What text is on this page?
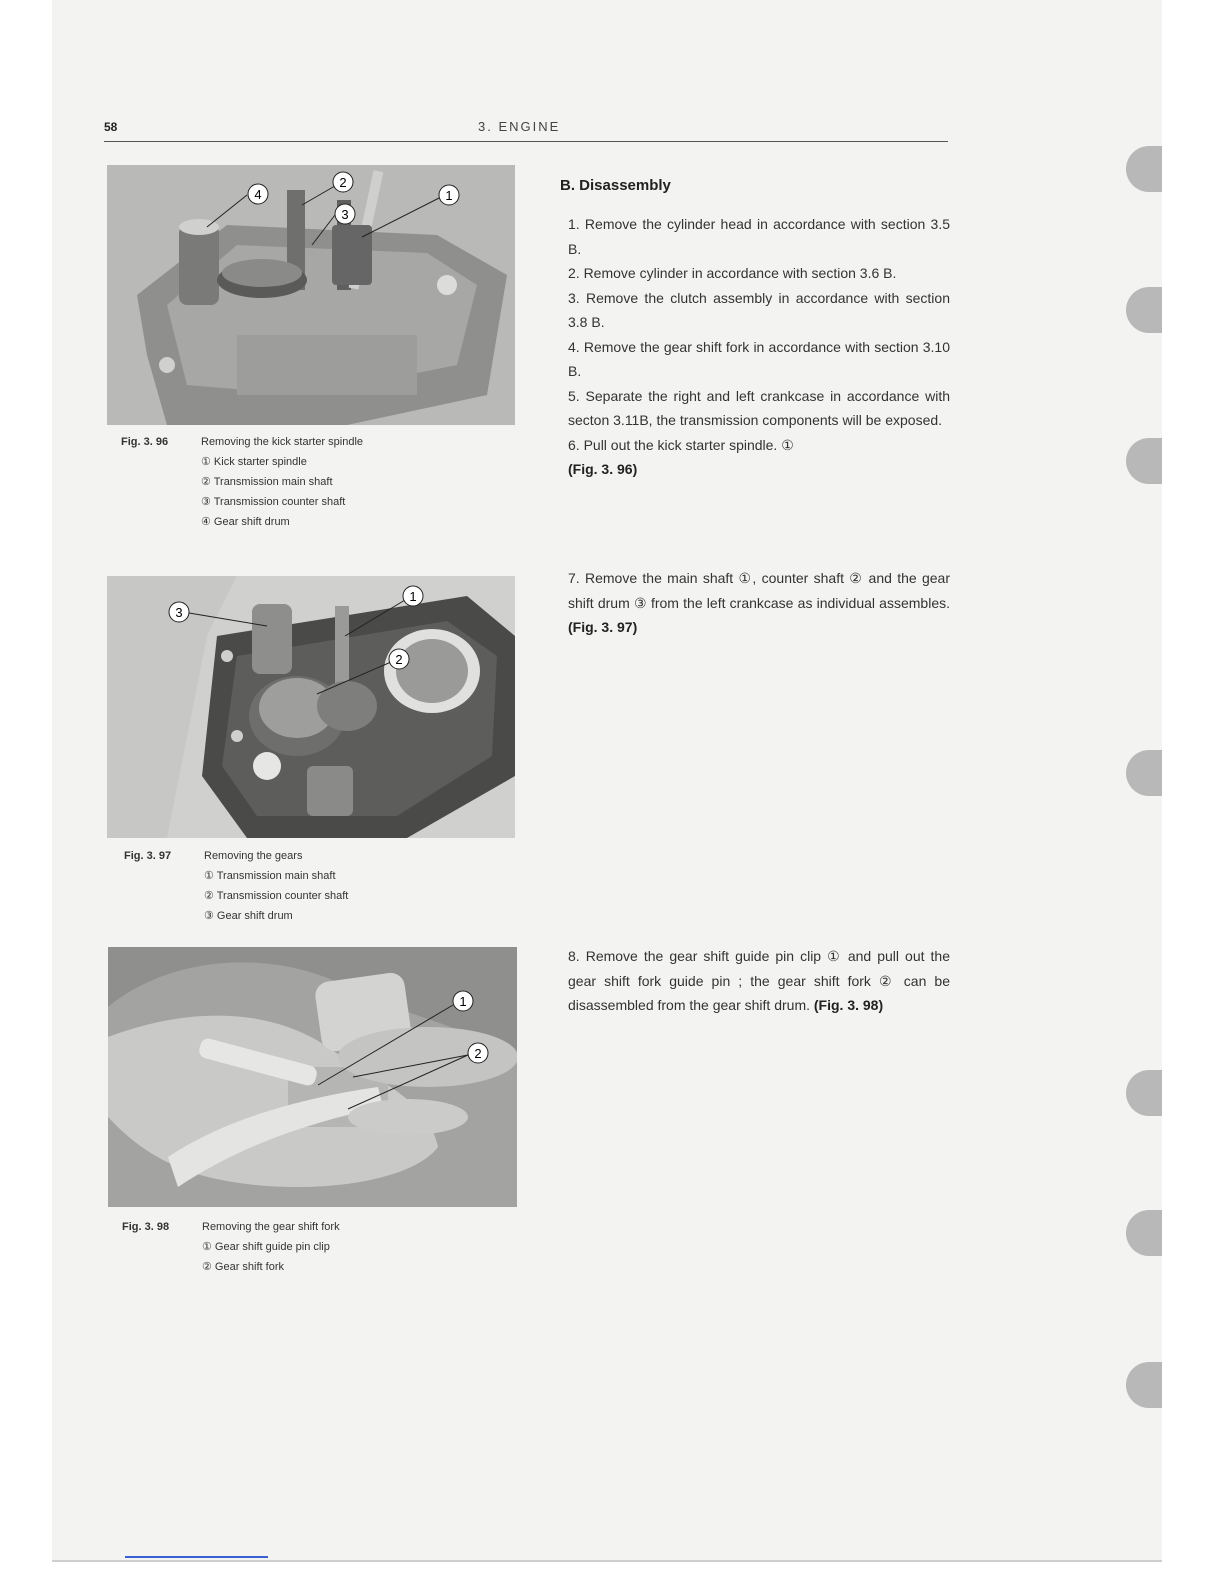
58	3. ENGINE
1
2
3
4
Fig. 3. 96	Removing the kick starter spindle
① Kick starter spindle
② Transmission main shaft
③ Transmission counter shaft
④ Gear shift drum
1
2
3
Fig. 3. 97	Removing the gears
① Transmission main shaft
② Transmission counter shaft
③ Gear shift drum
1
2
Fig. 3. 98	Removing the gear shift fork
① Gear shift guide pin clip
② Gear shift fork
B. Disassembly

1. Remove the cylinder head in accordance with section 3.5 B.

2. Remove cylinder in accordance with section 3.6 B.

3. Remove the clutch assembly in accordance with section 3.8 B.

4. Remove the gear shift fork in accordance with section 3.10 B.

5. Separate the right and left crankcase in accordance with secton 3.11B, the transmission components will be exposed.

6. Pull out the kick starter spindle. ①
(Fig. 3. 96)

7. Remove the main shaft ①, counter shaft ② and the gear shift drum ③ from the left crankcase as individual assembles. (Fig. 3. 97)

8. Remove the gear shift guide pin clip ① and pull out the gear shift fork guide pin ; the gear shift fork ② can be disassembled from the gear shift drum. (Fig. 3. 98)
